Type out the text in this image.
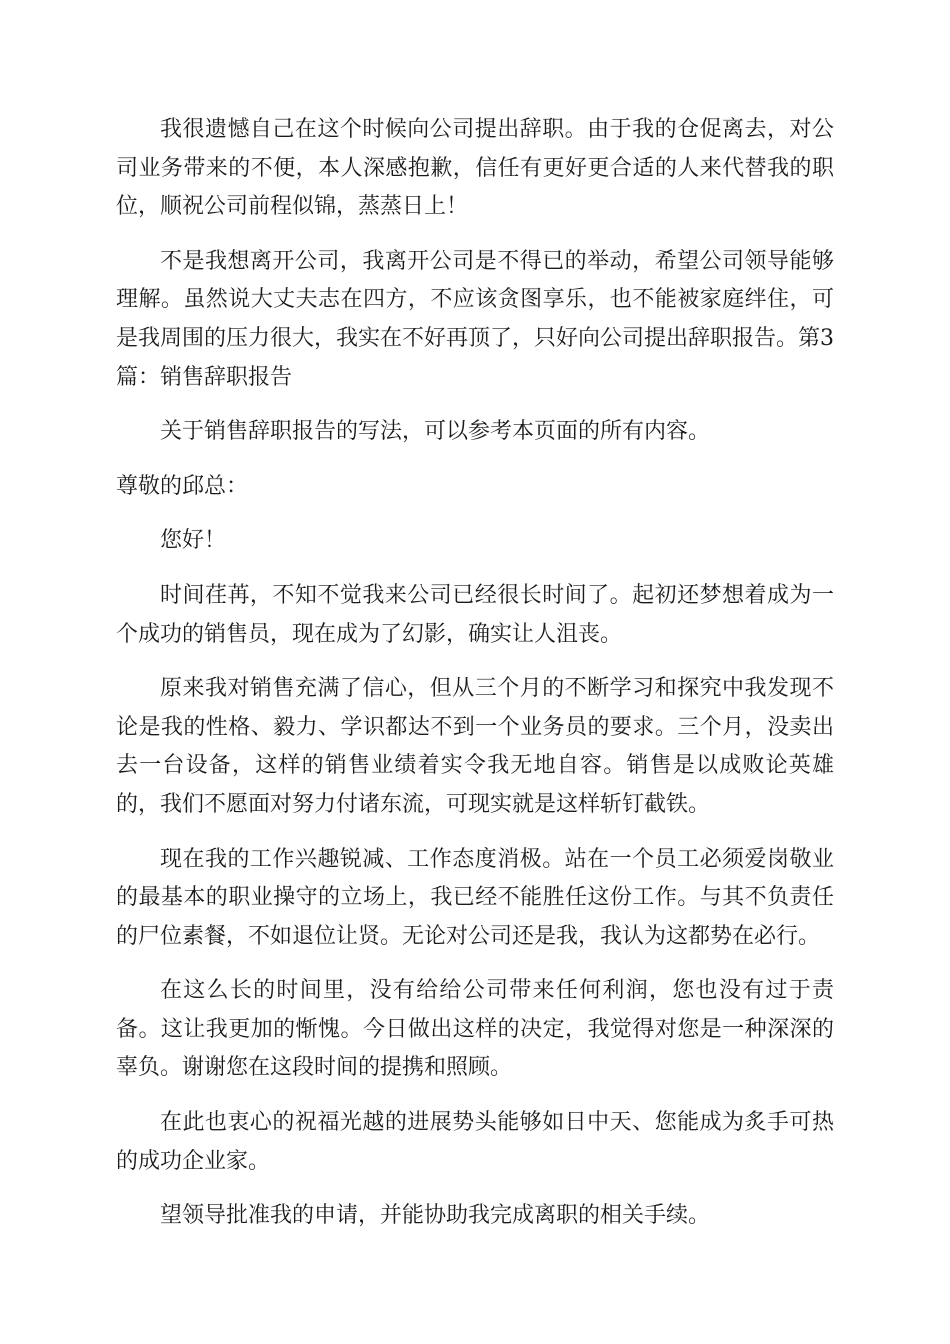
我很遗憾自己在这个时候向公司提出辞职。由于我的仓促离去，对公司业务带来的不便，本人深感抱歉，信任有更好更合适的人来代替我的职位，顺祝公司前程似锦，蒸蒸日上！

不是我想离开公司，我离开公司是不得已的举动，希望公司领导能够理解。虽然说大丈夫志在四方，不应该贪图享乐，也不能被家庭绊住，可是我周围的压力很大，我实在不好再顶了，只好向公司提出辞职报告。第3篇：销售辞职报告

关于销售辞职报告的写法，可以参考本页面的所有内容。

尊敬的邱总：

您好！

时间荏苒，不知不觉我来公司已经很长时间了。起初还梦想着成为一个成功的销售员，现在成为了幻影，确实让人沮丧。

原来我对销售充满了信心，但从三个月的不断学习和探究中我发现不论是我的性格、毅力、学识都达不到一个业务员的要求。三个月，没卖出去一台设备，这样的销售业绩着实令我无地自容。销售是以成败论英雄的，我们不愿面对努力付诸东流，可现实就是这样斩钉截铁。

现在我的工作兴趣锐减、工作态度消极。站在一个员工必须爱岗敬业的最基本的职业操守的立场上，我已经不能胜任这份工作。与其不负责任的尸位素餐，不如退位让贤。无论对公司还是我，我认为这都势在必行。

在这么长的时间里，没有给给公司带来任何利润，您也没有过于责备。这让我更加的惭愧。今日做出这样的决定，我觉得对您是一种深深的辜负。谢谢您在这段时间的提携和照顾。

在此也衷心的祝福光越的进展势头能够如日中天、您能成为炙手可热的成功企业家。

望领导批准我的申请，并能协助我完成离职的相关手续。
